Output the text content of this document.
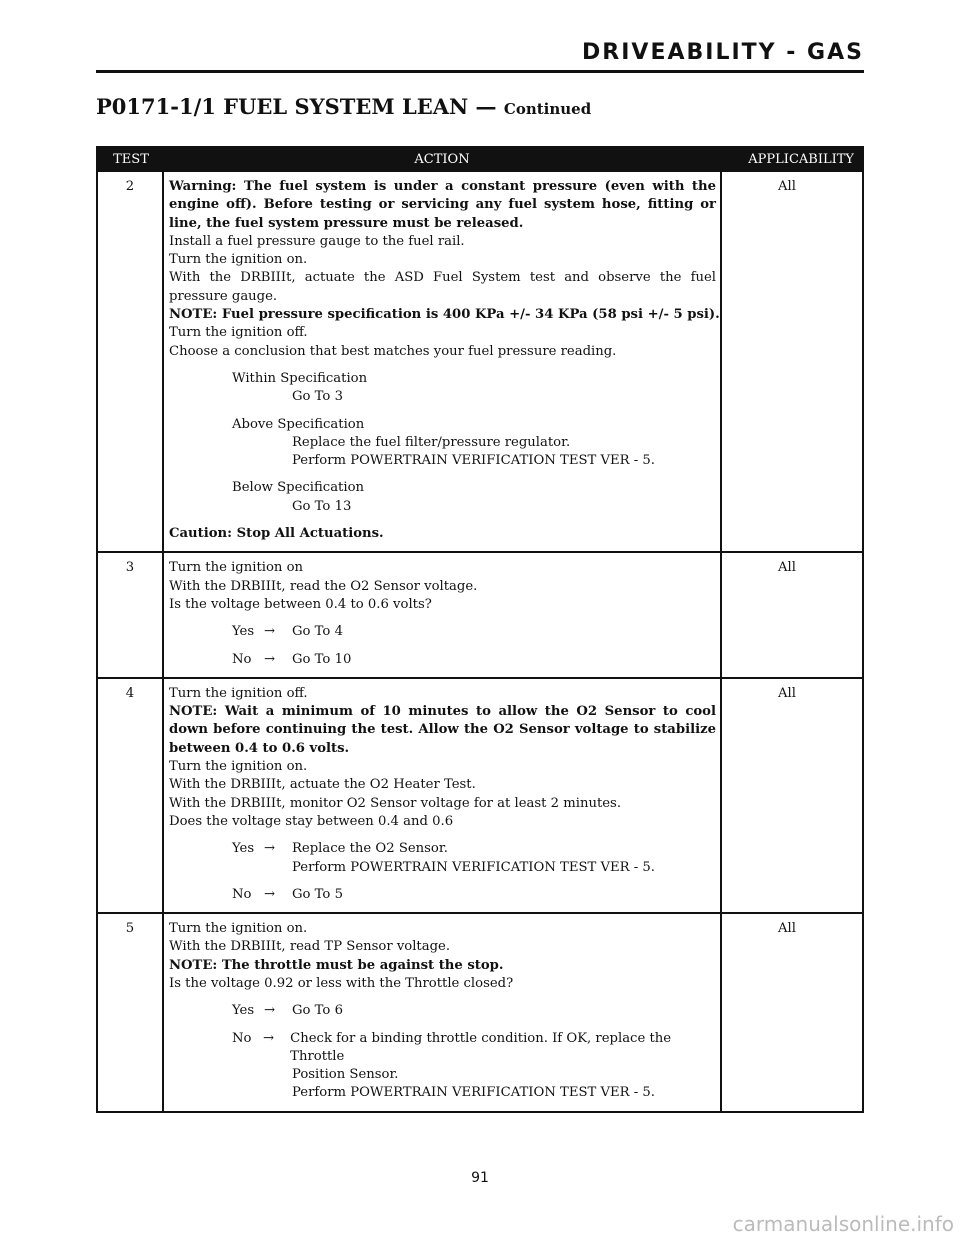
DRIVEABILITY - GAS
P0171-1/1 FUEL SYSTEM LEAN — Continued
TEST	ACTION	APPLICABILITY
2	Warning: The fuel system is under a constant pressure (even with the engine off). Before testing or servicing any fuel system hose, fitting or line, the fuel system pressure must be released.
Install a fuel pressure gauge to the fuel rail.
Turn the ignition on.
With the DRBIIIt, actuate the ASD Fuel System test and observe the fuel pressure gauge.
NOTE: Fuel pressure specification is 400 KPa +/- 34 KPa (58 psi +/- 5 psi).
Turn the ignition off.
Choose a conclusion that best matches your fuel pressure reading.
Within Specification
Go To 3
Above Specification
Replace the fuel filter/pressure regulator.
Perform POWERTRAIN VERIFICATION TEST VER - 5.
Below Specification
Go To 13
Caution: Stop All Actuations.
All
3	Turn the ignition on
With the DRBIIIt, read the O2 Sensor voltage.
Is the voltage between 0.4 to 0.6 volts?
Yes →	Go To 4
No →	Go To 10
All
4	Turn the ignition off.
NOTE: Wait a minimum of 10 minutes to allow the O2 Sensor to cool down before continuing the test. Allow the O2 Sensor voltage to stabilize between 0.4 to 0.6 volts.
Turn the ignition on.
With the DRBIIIt, actuate the O2 Heater Test.
With the DRBIIIt, monitor O2 Sensor voltage for at least 2 minutes.
Does the voltage stay between 0.4 and 0.6
Yes →	Replace the O2 Sensor.
Perform POWERTRAIN VERIFICATION TEST VER - 5.
No →	Go To 5
All
5	Turn the ignition on.
With the DRBIIIt, read TP Sensor voltage.
NOTE: The throttle must be against the stop.
Is the voltage 0.92 or less with the Throttle closed?
Yes →	Go To 6
No →	Check for a binding throttle condition. If OK, replace the Throttle
Position Sensor.
Perform POWERTRAIN VERIFICATION TEST VER - 5.
All
91
carmanualsonline.info
